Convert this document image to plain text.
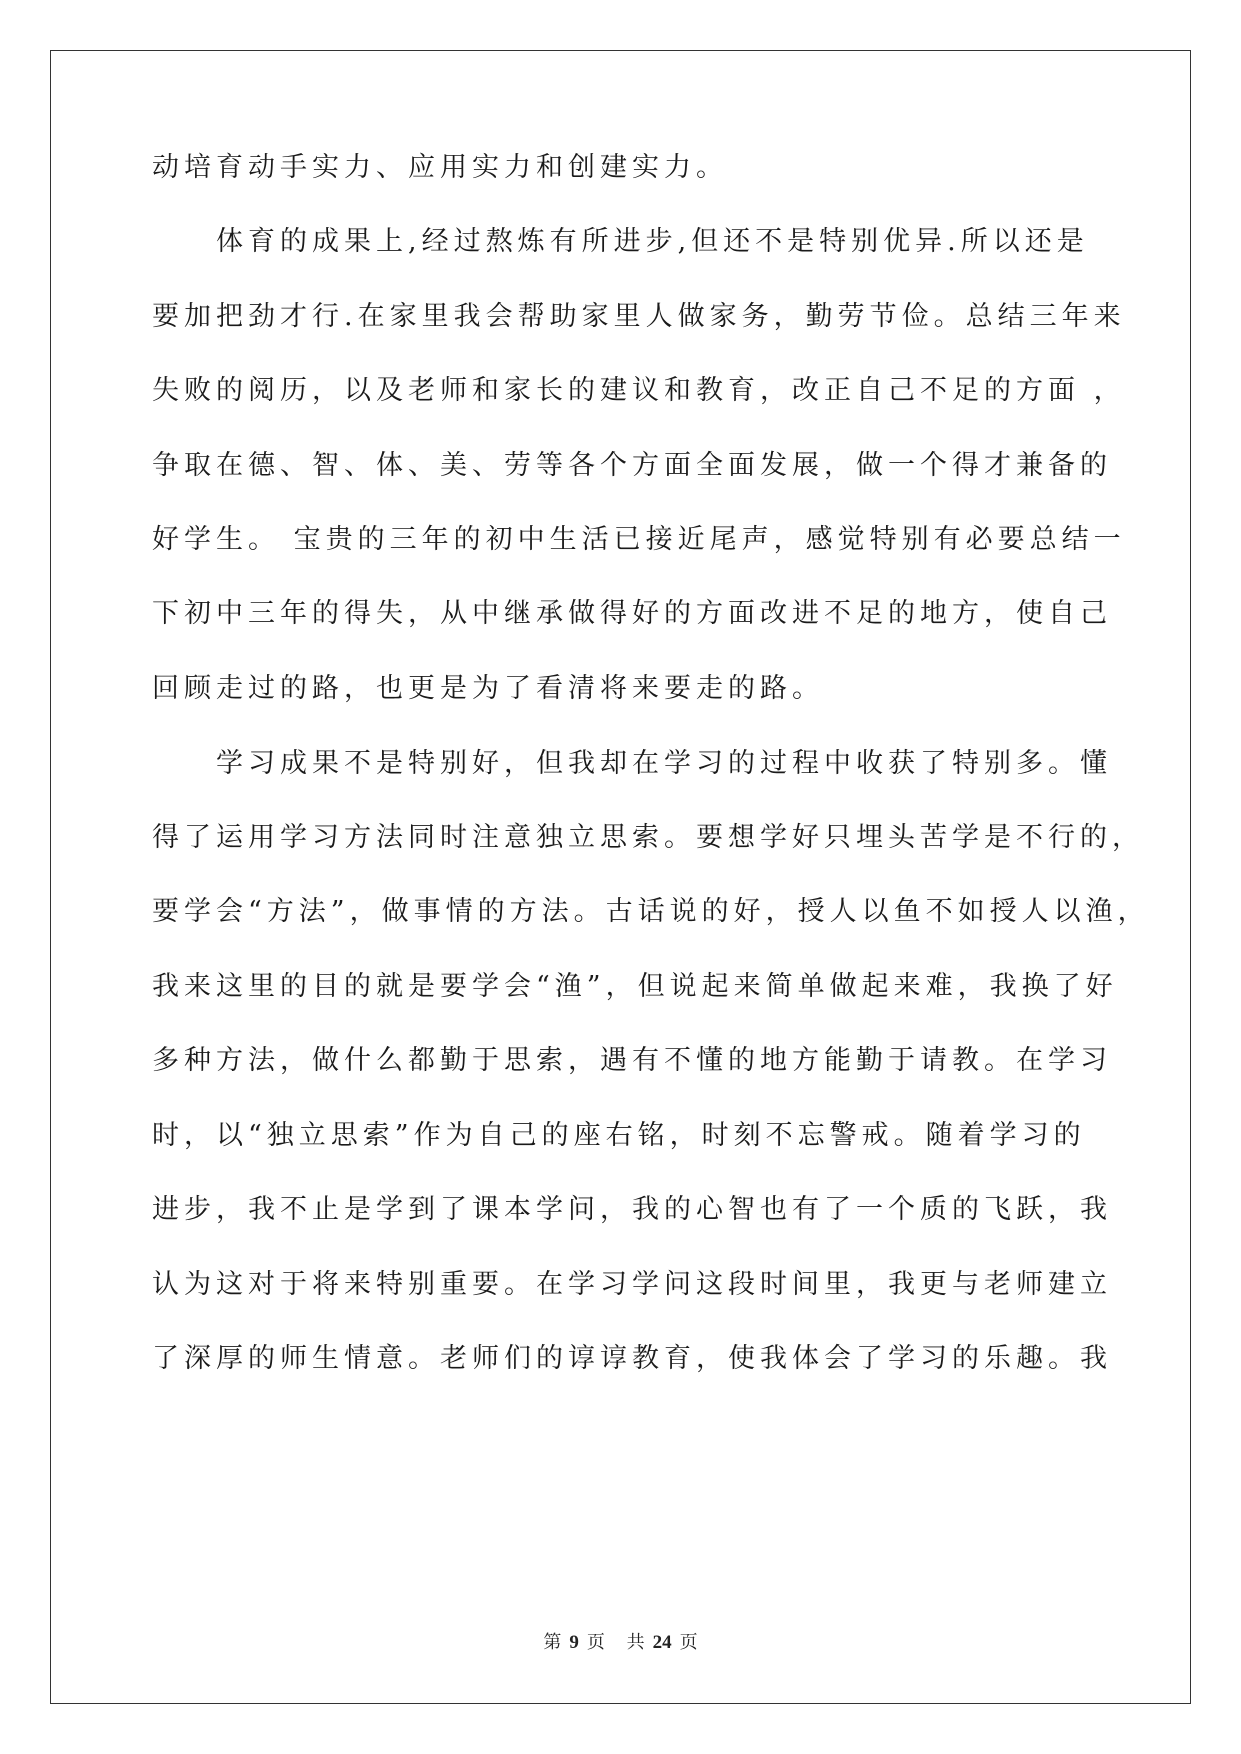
动培育动手实力、应用实力和创建实力。
体育的成果上,经过熬炼有所进步,但还不是特别优异.所以还是
要加把劲才行.在家里我会帮助家里人做家务，勤劳节俭。总结三年来
失败的阅历，以及老师和家长的建议和教育，改正自己不足的方面 ，
争取在德、智、体、美、劳等各个方面全面发展，做一个得才兼备的
好学生。 宝贵的三年的初中生活已接近尾声，感觉特别有必要总结一
下初中三年的得失，从中继承做得好的方面改进不足的地方，使自己
回顾走过的路，也更是为了看清将来要走的路。
学习成果不是特别好，但我却在学习的过程中收获了特别多。懂
得了运用学习方法同时注意独立思索。要想学好只埋头苦学是不行的，
要学会“方法”，做事情的方法。古话说的好，授人以鱼不如授人以渔，
我来这里的目的就是要学会“渔”，但说起来简单做起来难，我换了好
多种方法，做什么都勤于思索，遇有不懂的地方能勤于请教。在学习
时，以“独立思索”作为自己的座右铭，时刻不忘警戒。随着学习的
进步，我不止是学到了课本学问，我的心智也有了一个质的飞跃，我
认为这对于将来特别重要。在学习学问这段时间里，我更与老师建立
了深厚的师生情意。老师们的谆谆教育，使我体会了学习的乐趣。我
第 9 页 共 24 页
